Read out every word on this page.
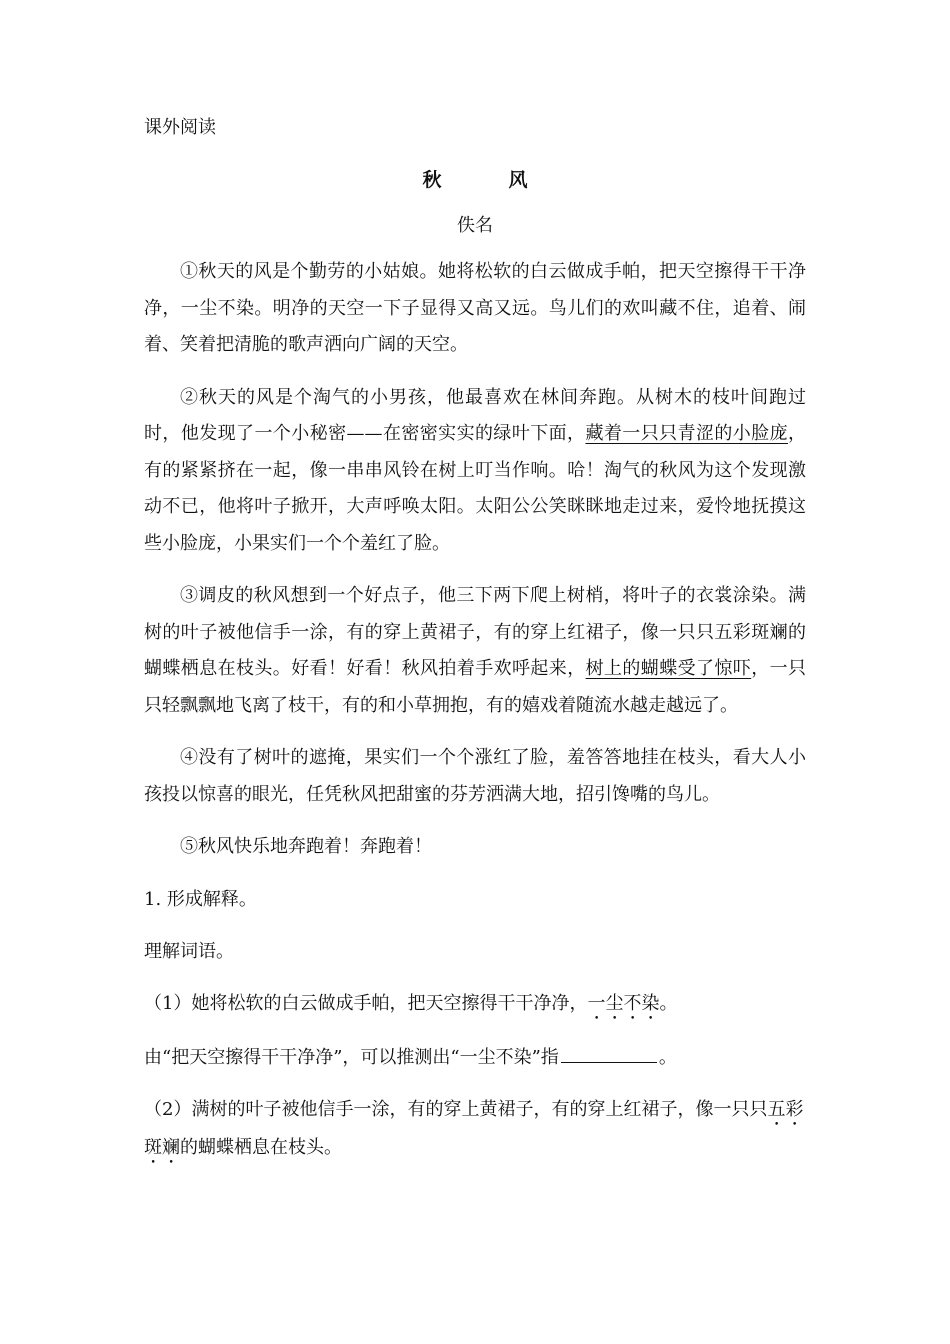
课外阅读
秋　风
佚名

①秋天的风是个勤劳的小姑娘。她将松软的白云做成手帕，把天空擦得干干净净，一尘不染。明净的天空一下子显得又高又远。鸟儿们的欢叫藏不住，追着、闹着、笑着把清脆的歌声洒向广阔的天空。

②秋天的风是个淘气的小男孩，他最喜欢在林间奔跑。从树木的枝叶间跑过时，他发现了一个小秘密——在密密实实的绿叶下面，藏着一只只青涩的小脸庞，有的紧紧挤在一起，像一串串风铃在树上叮当作响。哈！淘气的秋风为这个发现激动不已，他将叶子掀开，大声呼唤太阳。太阳公公笑眯眯地走过来，爱怜地抚摸这些小脸庞，小果实们一个个羞红了脸。

③调皮的秋风想到一个好点子，他三下两下爬上树梢，将叶子的衣裳涂染。满树的叶子被他信手一涂，有的穿上黄裙子，有的穿上红裙子，像一只只五彩斑斓的蝴蝶栖息在枝头。好看！好看！秋风拍着手欢呼起来，树上的蝴蝶受了惊吓，一只只轻飘飘地飞离了枝干，有的和小草拥抱，有的嬉戏着随流水越走越远了。

④没有了树叶的遮掩，果实们一个个涨红了脸，羞答答地挂在枝头，看大人小孩投以惊喜的眼光，任凭秋风把甜蜜的芬芳洒满大地，招引馋嘴的鸟儿。

⑤秋风快乐地奔跑着！奔跑着！

1. 形成解释。
理解词语。
（1）她将松软的白云做成手帕，把天空擦得干干净净，一尘不染。
由“把天空擦得干干净净”，可以推测出“一尘不染”指	。
（2）满树的叶子被他信手一涂，有的穿上黄裙子，有的穿上红裙子，像一只只五彩斑斓的蝴蝶栖息在枝头。
